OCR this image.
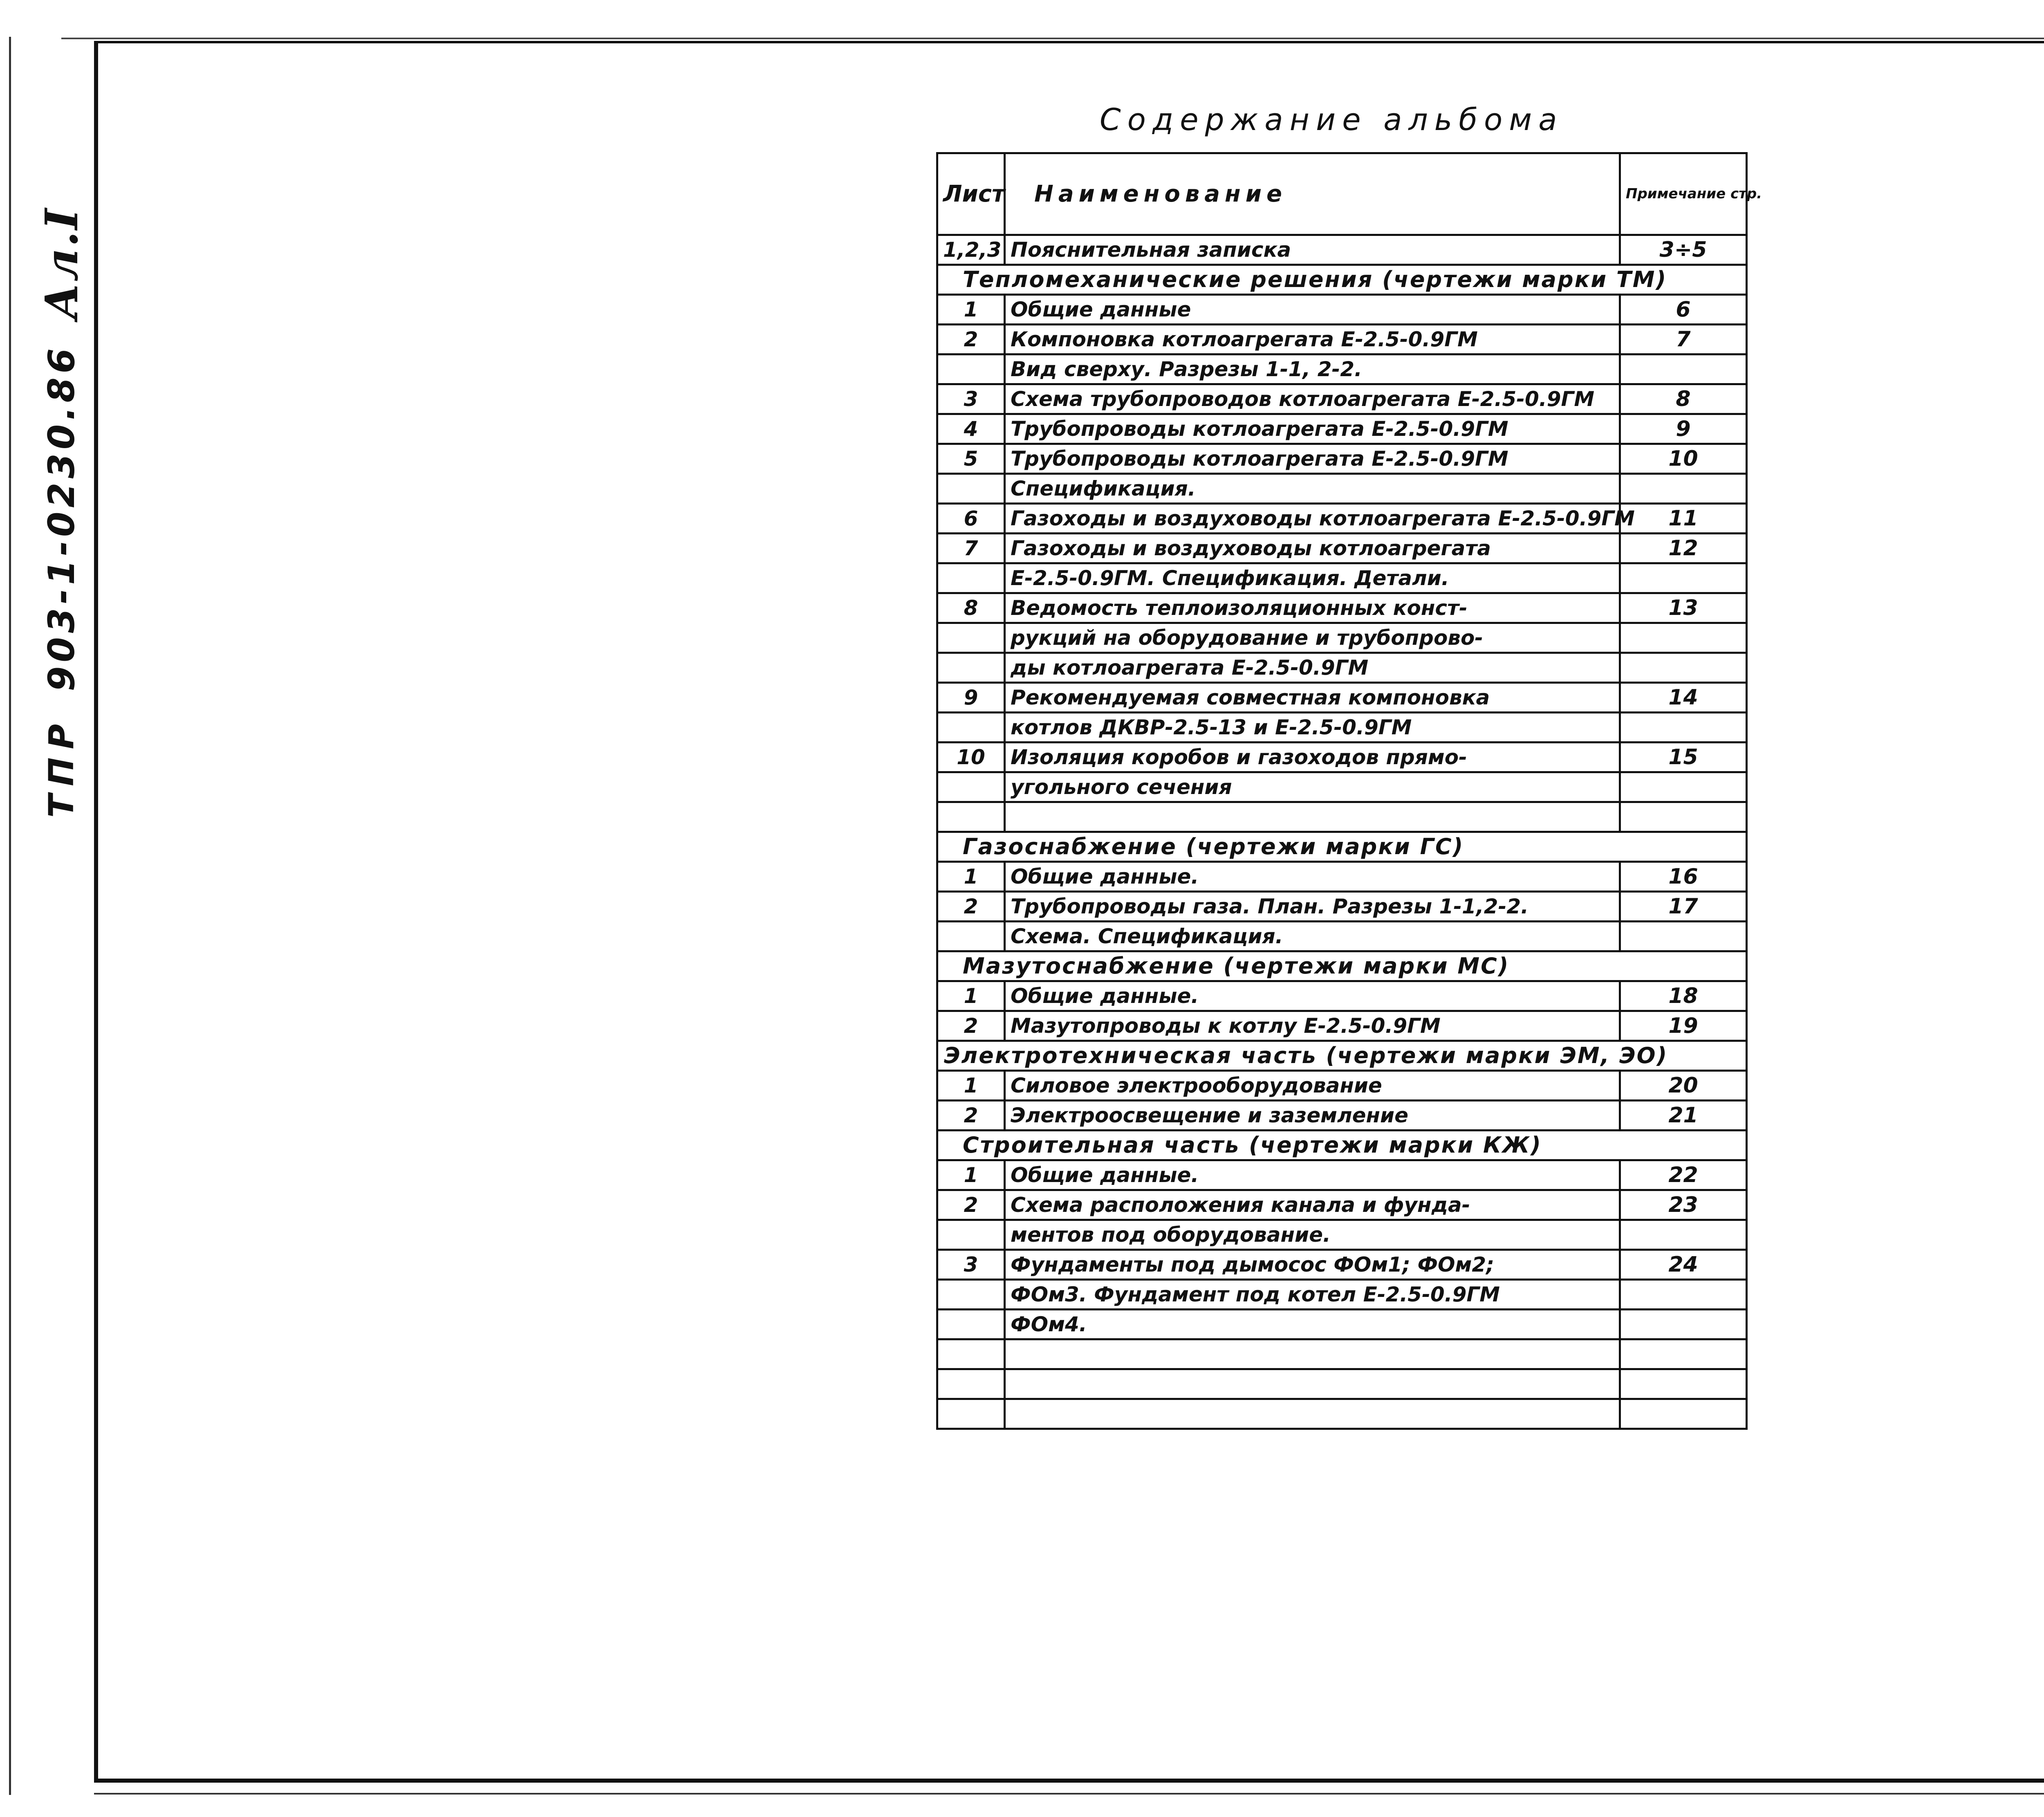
ТПР
903-1-0230.86
Ал.I
Содержание альбома
Лист	Наименование	Примечание стр.
1,2,3	Пояснительная записка	3÷5
Тепломеханические решения (чертежи марки ТМ)		
1	Общие данные	6
2	Компоновка котлоагрегата Е-2.5-0.9ГМ	7
	Вид сверху. Разрезы 1-1, 2-2.	
3	Схема трубопроводов котлоагрегата Е-2.5-0.9ГМ	8
4	Трубопроводы котлоагрегата Е-2.5-0.9ГМ	9
5	Трубопроводы котлоагрегата Е-2.5-0.9ГМ	10
	Спецификация.	
6	Газоходы и воздуховоды котлоагрегата Е-2.5-0.9ГМ	11
7	Газоходы и воздуховоды котлоагрегата	12
	Е-2.5-0.9ГМ. Спецификация. Детали.	
8	Ведомость теплоизоляционных конст-	13
	рукций на оборудование и трубопрово-	
	ды котлоагрегата Е-2.5-0.9ГМ	
9	Рекомендуемая совместная компоновка	14
	котлов ДКВР-2.5-13 и Е-2.5-0.9ГМ	
10	Изоляция коробов и газоходов прямо-	15
	угольного сечения	

Газоснабжение (чертежи марки ГС)		
1	Общие данные.	16
2	Трубопроводы газа. План. Разрезы 1-1,2-2.	17
	Схема. Спецификация.	
Мазутоснабжение (чертежи марки МС)		
1	Общие данные.	18
2	Мазутопроводы к котлу Е-2.5-0.9ГМ	19
Электротехническая часть (чертежи марки ЭМ, ЭО)		
1	Силовое электрооборудование	20
2	Электроосвещение и заземление	21
Строительная часть (чертежи марки КЖ)		
1	Общие данные.	22
2	Схема расположения канала и фунда-	23
	ментов под оборудование.	
3	Фундаменты под дымосос ФОм1; ФОм2;	24
	ФОм3. Фундамент под котел Е-2.5-0.9ГМ	
	ФОм4.	
